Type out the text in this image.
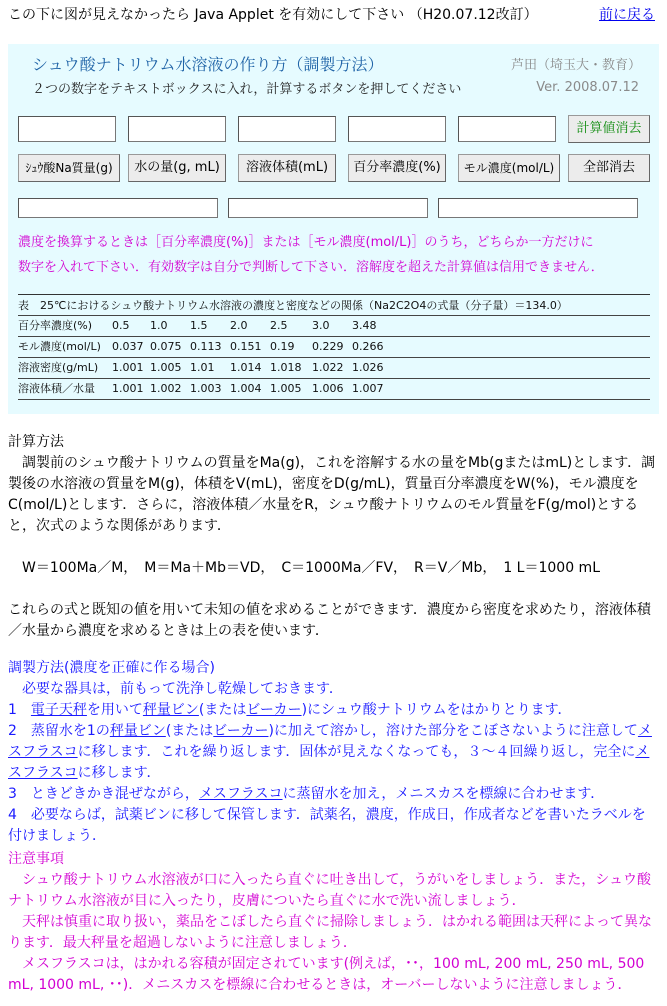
この下に図が見えなかったら Java Applet を有効にして下さい （H20.07.12改訂）	前に戻る
シュウ酸ナトリウム水溶液の作り方（調製方法）	芦田（埼玉大・教育）
２つの数字をテキストボックスに入れ，計算するボタンを押してください	Ver. 2008.07.12
計算値消去
ｼｭｳ酸Na質量(g)	水の量(g, mL)	溶液体積(mL)	百分率濃度(%)	モル濃度(mol/L)	全部消去
濃度を換算するときは［百分率濃度(%)］または［モル濃度(mol/L)］のうち，どちらか一方だけに
数字を入れて下さい．有効数字は自分で判断して下さい．溶解度を超えた計算値は信用できません．
表　25℃におけるシュウ酸ナトリウム水溶液の濃度と密度などの関係（Na2C2O4の式量（分子量）＝134.0）
百分率濃度(%) 0.5 1.0 1.5 2.0 2.5 3.0 3.48
モル濃度(mol/L) 0.037 0.075 0.113 0.151 0.19 0.229 0.266
溶液密度(g/mL) 1.001 1.005 1.01 1.014 1.018 1.022 1.026
溶液体積／水量 1.001 1.002 1.003 1.004 1.005 1.006 1.007
計算方法
　調製前のシュウ酸ナトリウムの質量をMa(g)，これを溶解する水の量をMb(gまたはmL)とします．調製後の水溶液の質量をM(g)，体積をV(mL)，密度をD(g/mL)，質量百分率濃度をW(%)，モル濃度をC(mol/L)とします．さらに，溶液体積／水量をR，シュウ酸ナトリウムのモル質量をF(g/mol)とすると，次式のような関係があります．
　W＝100Ma／M，　M＝Ma＋Mb＝VD，　C＝1000Ma／FV，　R＝V／Mb，　1 L＝1000 mL
これらの式と既知の値を用いて未知の値を求めることができます．濃度から密度を求めたり，溶液体積／水量から濃度を求めるときは上の表を使います．
調製方法(濃度を正確に作る場合)
　必要な器具は，前もって洗浄し乾燥しておきます．
1　電子天秤を用いて秤量ビン(またはビーカー)にシュウ酸ナトリウムをはかりとります．
2　蒸留水を1の秤量ビン(またはビーカー)に加えて溶かし，溶けた部分をこぼさないように注意してメスフラスコに移します．これを繰り返します．固体が見えなくなっても，３～４回繰り返し，完全にメスフラスコに移します．
3　ときどきかき混ぜながら，メスフラスコに蒸留水を加え，メニスカスを標線に合わせます．
4　必要ならば，試薬ビンに移して保管します．試薬名，濃度，作成日，作成者などを書いたラベルを付けましょう．
注意事項
　シュウ酸ナトリウム水溶液が口に入ったら直ぐに吐き出して，うがいをしましょう．また，シュウ酸ナトリウム水溶液が目に入ったり，皮膚についたら直ぐに水で洗い流しましょう．
　天秤は慎重に取り扱い，薬品をこぼしたら直ぐに掃除しましょう．はかれる範囲は天秤によって異なります．最大秤量を超過しないように注意しましょう．
　メスフラスコは，はかれる容積が固定されています(例えば，･･，100 mL, 200 mL, 250 mL, 500 mL, 1000 mL, ･･)．メニスカスを標線に合わせるときは，オーバーしないように注意しましょう．
